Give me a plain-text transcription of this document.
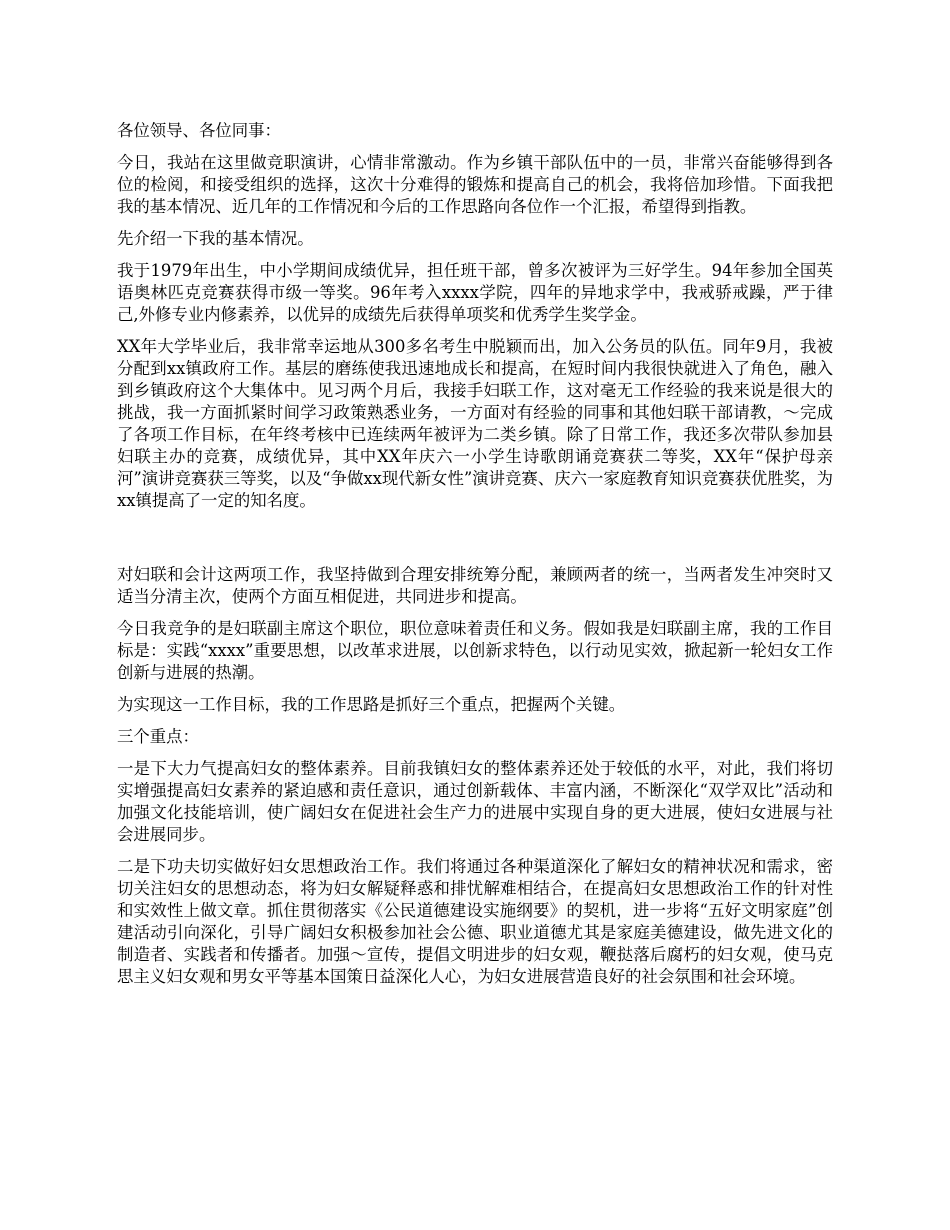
各位领导、各位同事：

今日，我站在这里做竞职演讲，心情非常激动。作为乡镇干部队伍中的一员，非常兴奋能够得到各位的检阅，和接受组织的选择，这次十分难得的锻炼和提高自己的机会，我将倍加珍惜。下面我把我的基本情况、近几年的工作情况和今后的工作思路向各位作一个汇报，希望得到指教。

先介绍一下我的基本情况。

我于1979年出生，中小学期间成绩优异，担任班干部，曾多次被评为三好学生。94年参加全国英语奥林匹克竞赛获得市级一等奖。96年考入xxxx学院，四年的异地求学中，我戒骄戒躁，严于律己,外修专业内修素养，以优异的成绩先后获得单项奖和优秀学生奖学金。

XX年大学毕业后，我非常幸运地从300多名考生中脱颖而出，加入公务员的队伍。同年9月，我被分配到xx镇政府工作。基层的磨练使我迅速地成长和提高，在短时间内我很快就进入了角色，融入到乡镇政府这个大集体中。见习两个月后，我接手妇联工作，这对毫无工作经验的我来说是很大的挑战，我一方面抓紧时间学习政策熟悉业务，一方面对有经验的同事和其他妇联干部请教，～完成了各项工作目标，在年终考核中已连续两年被评为二类乡镇。除了日常工作，我还多次带队参加县妇联主办的竞赛，成绩优异，其中XX年庆六一小学生诗歌朗诵竞赛获二等奖，XX年“保护母亲河”演讲竞赛获三等奖，以及“争做xx现代新女性”演讲竞赛、庆六一家庭教育知识竞赛获优胜奖，为xx镇提高了一定的知名度。

对妇联和会计这两项工作，我坚持做到合理安排统筹分配，兼顾两者的统一，当两者发生冲突时又适当分清主次，使两个方面互相促进，共同进步和提高。

今日我竞争的是妇联副主席这个职位，职位意味着责任和义务。假如我是妇联副主席，我的工作目标是：实践“xxxx”重要思想，以改革求进展，以创新求特色，以行动见实效，掀起新一轮妇女工作创新与进展的热潮。

为实现这一工作目标，我的工作思路是抓好三个重点，把握两个关键。

三个重点：

一是下大力气提高妇女的整体素养。目前我镇妇女的整体素养还处于较低的水平，对此，我们将切实增强提高妇女素养的紧迫感和责任意识，通过创新载体、丰富内涵，不断深化“双学双比”活动和加强文化技能培训，使广阔妇女在促进社会生产力的进展中实现自身的更大进展，使妇女进展与社会进展同步。

二是下功夫切实做好妇女思想政治工作。我们将通过各种渠道深化了解妇女的精神状况和需求，密切关注妇女的思想动态，将为妇女解疑释惑和排忧解难相结合，在提高妇女思想政治工作的针对性和实效性上做文章。抓住贯彻落实《公民道德建设实施纲要》的契机，进一步将“五好文明家庭”创建活动引向深化，引导广阔妇女积极参加社会公德、职业道德尤其是家庭美德建设，做先进文化的制造者、实践者和传播者。加强～宣传，提倡文明进步的妇女观，鞭挞落后腐朽的妇女观，使马克思主义妇女观和男女平等基本国策日益深化人心，为妇女进展营造良好的社会氛围和社会环境。
